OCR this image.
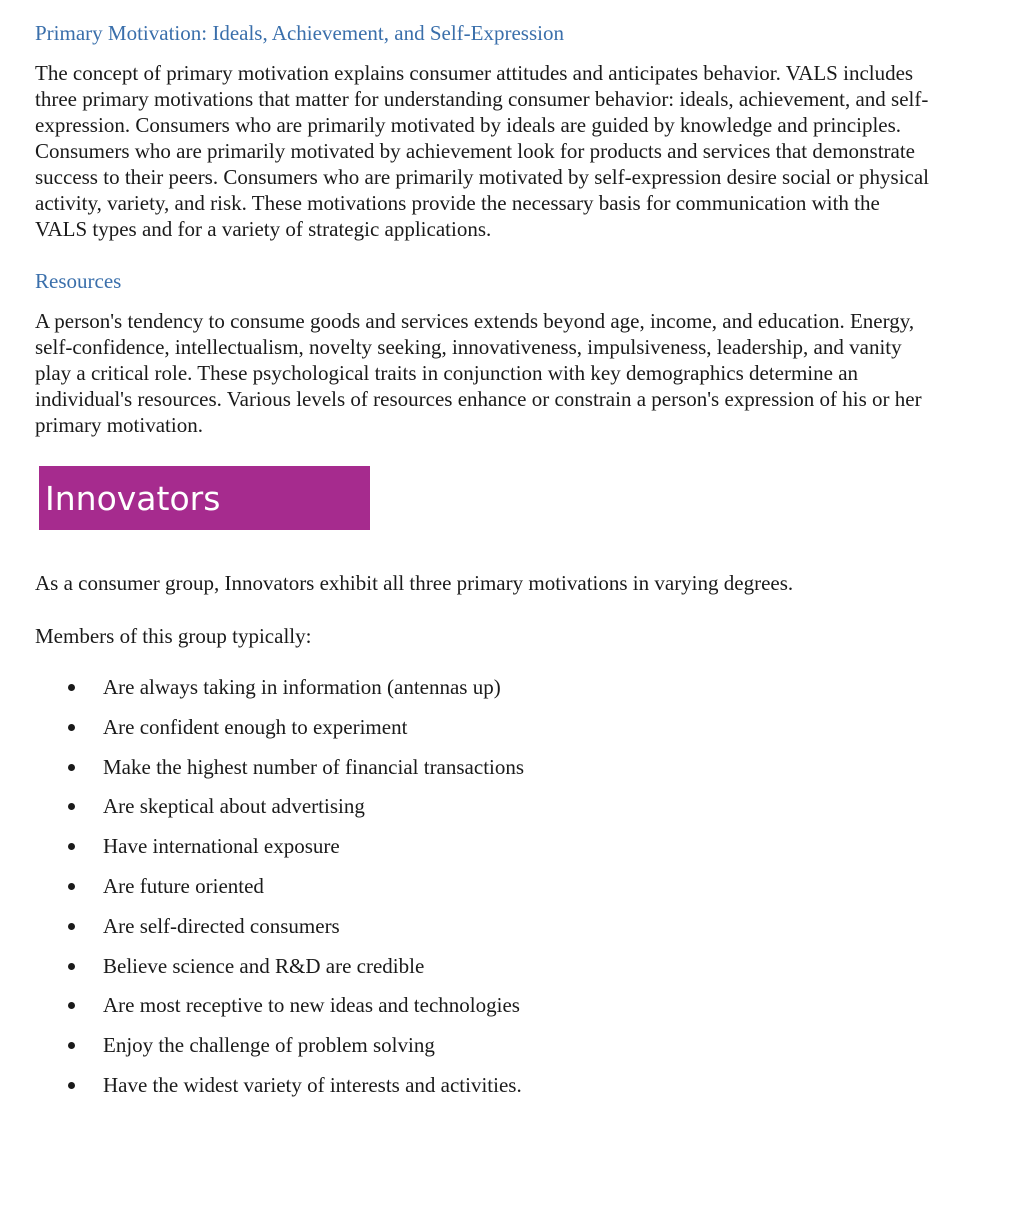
Primary Motivation: Ideals, Achievement, and Self-Expression

The concept of primary motivation explains consumer attitudes and anticipates behavior. VALS includes three primary motivations that matter for understanding consumer behavior: ideals, achievement, and self-expression. Consumers who are primarily motivated by ideals are guided by knowledge and principles. Consumers who are primarily motivated by achievement look for products and services that demonstrate success to their peers. Consumers who are primarily motivated by self-expression desire social or physical activity, variety, and risk. These motivations provide the necessary basis for communication with the VALS types and for a variety of strategic applications.

Resources

A person's tendency to consume goods and services extends beyond age, income, and education. Energy, self-confidence, intellectualism, novelty seeking, innovativeness, impulsiveness, leadership, and vanity play a critical role. These psychological traits in conjunction with key demographics determine an individual's resources. Various levels of resources enhance or constrain a person's expression of his or her primary motivation.

Innovators

As a consumer group, Innovators exhibit all three primary motivations in varying degrees.

Members of this group typically:

Are always taking in information (antennas up)
Are confident enough to experiment
Make the highest number of financial transactions
Are skeptical about advertising
Have international exposure
Are future oriented
Are self-directed consumers
Believe science and R&D are credible
Are most receptive to new ideas and technologies
Enjoy the challenge of problem solving
Have the widest variety of interests and activities.
